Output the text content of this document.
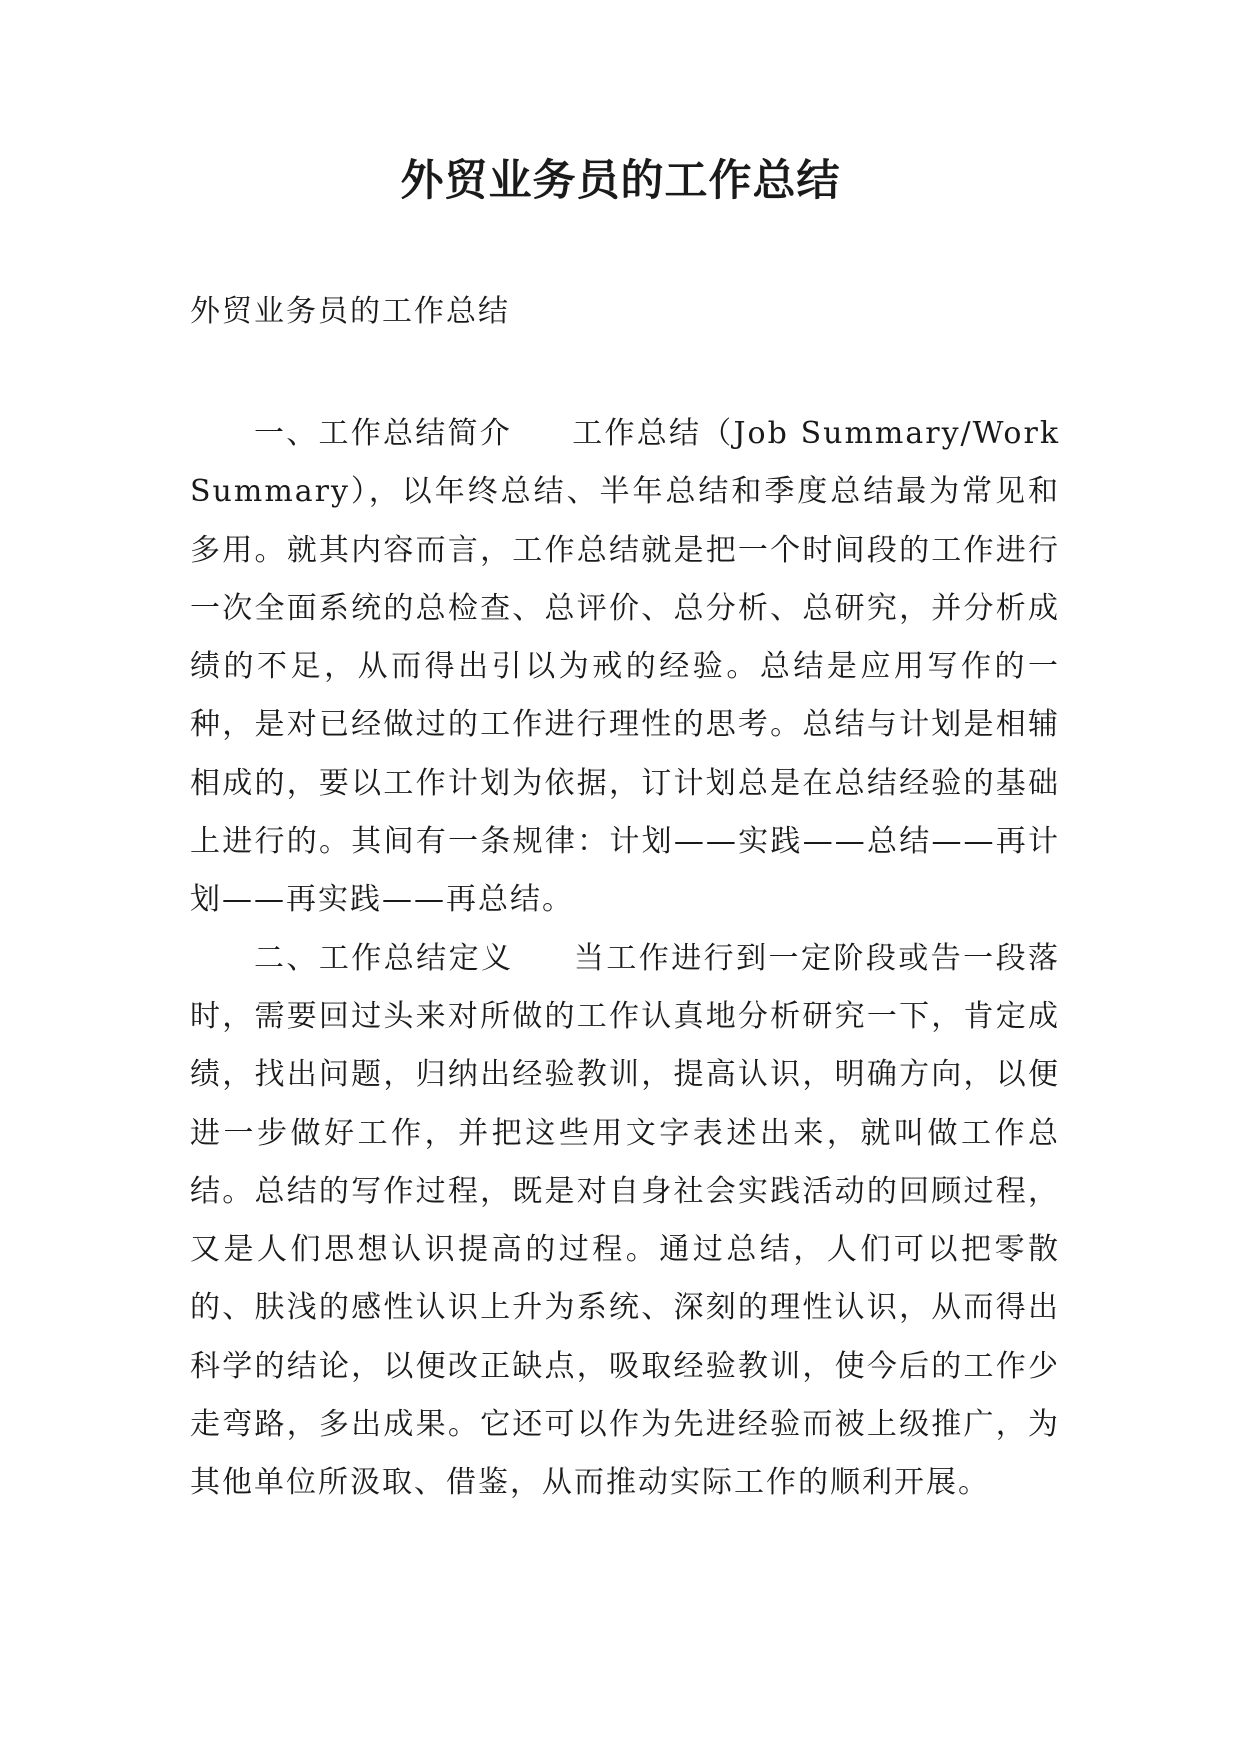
外贸业务员的工作总结

外贸业务员的工作总结

一、工作总结简介 工作总结（Job Summary/Work Summary），以年终总结、半年总结和季度总结最为常见和多用。就其内容而言，工作总结就是把一个时间段的工作进行一次全面系统的总检查、总评价、总分析、总研究，并分析成绩的不足，从而得出引以为戒的经验。总结是应用写作的一种，是对已经做过的工作进行理性的思考。总结与计划是相辅相成的，要以工作计划为依据，订计划总是在总结经验的基础上进行的。其间有一条规律：计划——实践——总结——再计划——再实践——再总结。

二、工作总结定义 当工作进行到一定阶段或告一段落时，需要回过头来对所做的工作认真地分析研究一下，肯定成绩，找出问题，归纳出经验教训，提高认识，明确方向，以便进一步做好工作，并把这些用文字表述出来，就叫做工作总结。总结的写作过程，既是对自身社会实践活动的回顾过程，又是人们思想认识提高的过程。通过总结，人们可以把零散的、肤浅的感性认识上升为系统、深刻的理性认识，从而得出科学的结论，以便改正缺点，吸取经验教训，使今后的工作少走弯路，多出成果。它还可以作为先进经验而被上级推广，为其他单位所汲取、借鉴，从而推动实际工作的顺利开展。
